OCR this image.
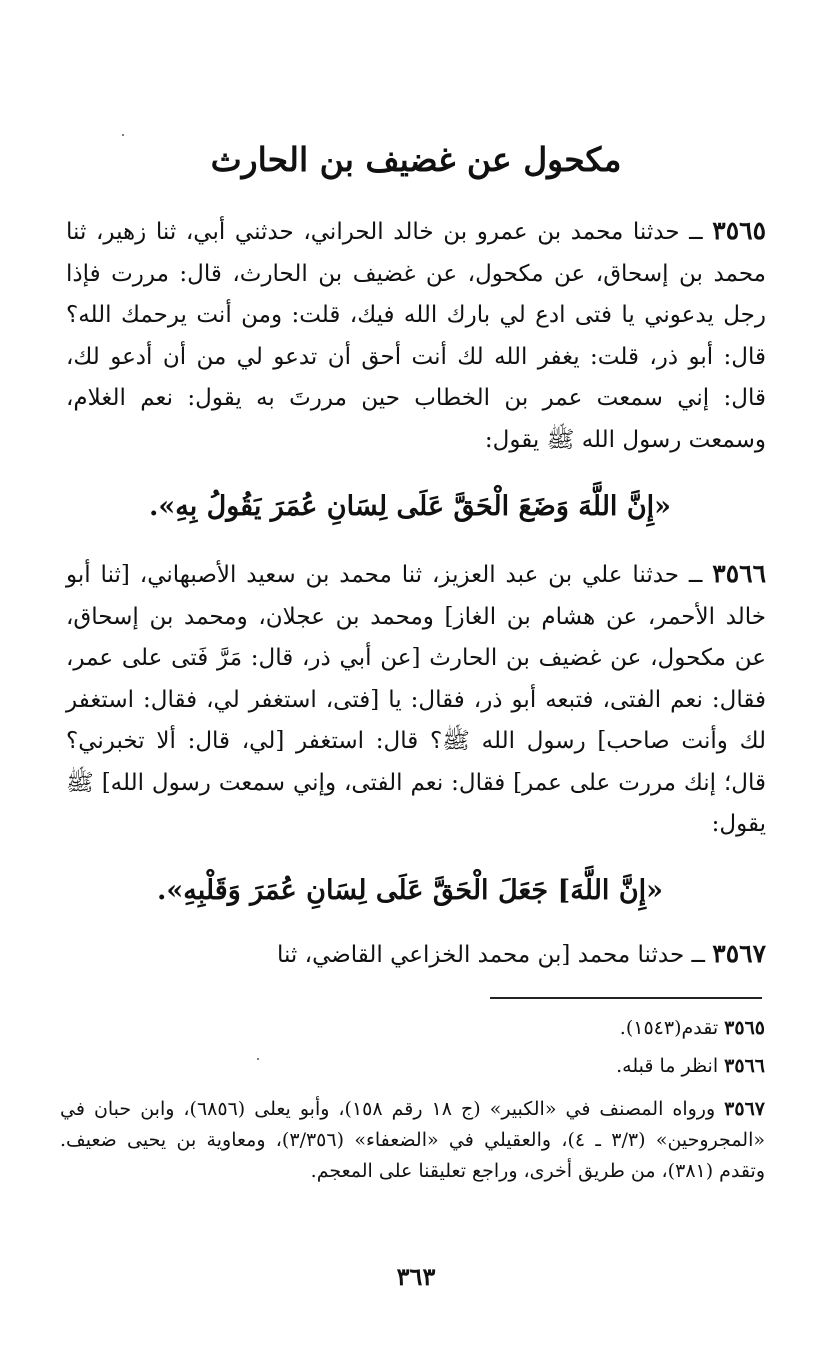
مكحول عن غضيف بن الحارث
٣٥٦٥ ــ حدثنا محمد بن عمرو بن خالد الحراني، حدثني أبي، ثنا زهير، ثنا محمد بن إسحاق، عن مكحول، عن غضيف بن الحارث، قال: مررت فإذا رجل يدعوني يا فتى ادع لي بارك الله فيك، قلت: ومن أنت يرحمك الله؟ قال: أبو ذر، قلت: يغفر الله لك أنت أحق أن تدعو لي من أن أدعو لك، قال: إني سمعت عمر بن الخطاب حين مررتَ به يقول: نعم الغلام، وسمعت رسول الله ﷺ يقول:
«إِنَّ اللَّهَ وَضَعَ الْحَقَّ عَلَى لِسَانِ عُمَرَ يَقُولُ بِهِ».
٣٥٦٦ ــ حدثنا علي بن عبد العزيز، ثنا محمد بن سعيد الأصبهاني، [ثنا أبو خالد الأحمر، عن هشام بن الغاز] ومحمد بن عجلان، ومحمد بن إسحاق، عن مكحول، عن غضيف بن الحارث [عن أبي ذر، قال: مَرَّ فَتى على عمر، فقال: نعم الفتى، فتبعه أبو ذر، فقال: يا [فتى، استغفر لي، فقال: استغفر لك وأنت صاحب] رسول الله ﷺ؟ قال: استغفر [لي، قال: ألا تخبرني؟ قال؛ إنك مررت على عمر] فقال: نعم الفتى، وإني سمعت رسول الله] ﷺ يقول:
«إِنَّ اللَّهَ] جَعَلَ الْحَقَّ عَلَى لِسَانِ عُمَرَ وَقَلْبِهِ».
٣٥٦٧ ــ حدثنا محمد [بن محمد الخزاعي القاضي، ثنا
٣٥٦٥ تقدم(١٥٤٣).
٣٥٦٦ انظر ما قبله.
٣٥٦٧ ورواه المصنف في «الكبير» (ج ١٨ رقم ١٥٨)، وأبو يعلى (٦٨٥٦)، وابن حبان في «المجروحين» (٣/٣ ـ ٤)، والعقيلي في «الضعفاء» (٣/٣٥٦)، ومعاوية بن يحيى ضعيف. وتقدم (٣٨١)، من طريق أخرى، وراجع تعليقنا على المعجم.
٣٦٣
